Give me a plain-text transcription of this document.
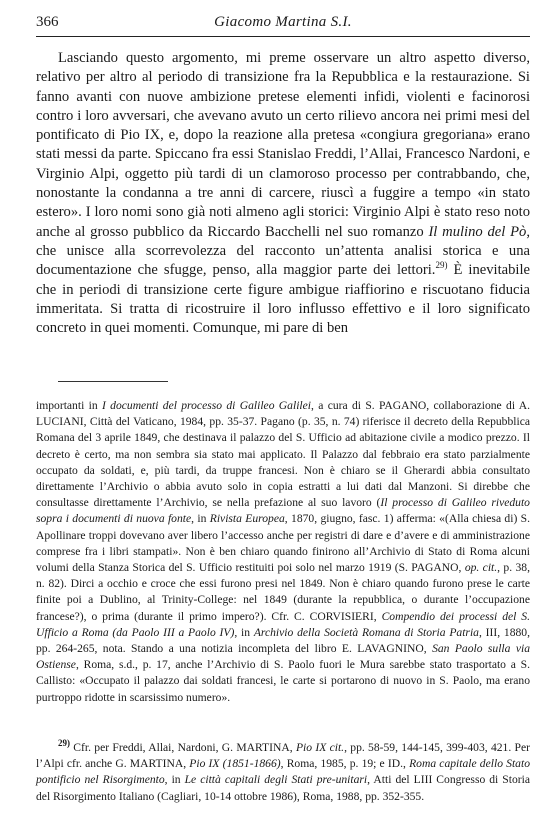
366	Giacomo Martina S.I.

Lasciando questo argomento, mi preme osservare un altro aspetto diverso, relativo per altro al periodo di transizione fra la Repubblica e la restaurazione. Si fanno avanti con nuove ambizione pretese elementi infidi, violenti e facinorosi contro i loro avversari, che avevano avuto un certo rilievo ancora nei primi mesi del pontificato di Pio IX, e, dopo la reazione alla pretesa «congiura gregoriana» erano stati messi da parte. Spiccano fra essi Stanislao Freddi, l’Allai, Francesco Nardoni, e Virginio Alpi, oggetto più tardi di un clamoroso processo per contrabbando, che, nonostante la condanna a tre anni di carcere, riuscì a fuggire a tempo «in stato estero». I loro nomi sono già noti almeno agli storici: Virginio Alpi è stato reso noto anche al grosso pubblico da Riccardo Bacchelli nel suo romanzo Il mulino del Pò, che unisce alla scorrevolezza del racconto un’attenta analisi storica e una documentazione che sfugge, penso, alla maggior parte dei lettori.$^{29)}$ È inevitabile che in periodi di transizione certe figure ambigue riaffiorino e riscuotano fiducia immeritata. Si tratta di ricostruire il loro influsso effettivo e il loro significato concreto in quei momenti. Comunque, mi pare di ben

importanti in I documenti del processo di Galileo Galilei, a cura di S. PAGANO, collaborazione di A. LUCIANI, Città del Vaticano, 1984, pp. 35-37. Pagano (p. 35, n. 74) riferisce il decreto della Repubblica Romana del 3 aprile 1849, che destinava il palazzo del S. Ufficio ad abitazione civile a modico prezzo. Il decreto è certo, ma non sembra sia stato mai applicato. Il Palazzo dal febbraio era stato parzialmente occupato da soldati, e, più tardi, da truppe francesi. Non è chiaro se il Gherardi abbia consultato direttamente l’Archivio o abbia avuto solo in copia estratti a lui dati dal Manzoni. Si direbbe che consultasse direttamente l’Archivio, se nella prefazione al suo lavoro (Il processo di Galileo riveduto sopra i documenti di nuova fonte, in Rivista Europea, 1870, giugno, fasc. 1) afferma: «(Alla chiesa di) S. Apollinare troppi dovevano aver libero l’accesso anche per registri di dare e d’avere e di amministrazione comprese fra i libri stampati». Non è ben chiaro quando finirono all’Archivio di Stato di Roma alcuni volumi della Stanza Storica del S. Ufficio restituiti poi solo nel marzo 1919 (S. PAGANO, op. cit., p. 38, n. 82). Dirci a occhio e croce che essi furono presi nel 1849. Non è chiaro quando furono prese le carte finite poi a Dublino, al Trinity-College: nel 1849 (durante la repubblica, o durante l’occupazione francese?), o prima (durante il primo impero?). Cfr. C. CORVISIERI, Compendio dei processi del S. Ufficio a Roma (da Paolo III a Paolo IV), in Archivio della Società Romana di Storia Patria, III, 1880, pp. 264-265, nota. Stando a una notizia incompleta del libro E. LAVAGNINO, San Paolo sulla via Ostiense, Roma, s.d., p. 17, anche l’Archivio di S. Paolo fuori le Mura sarebbe stato trasportato a S. Callisto: «Occupato il palazzo dai soldati francesi, le carte si portarono di nuovo in S. Paolo, ma erano purtroppo ridotte in scarsissimo numero».

$^{29)}$ Cfr. per Freddi, Allai, Nardoni, G. MARTINA, Pio IX cit., pp. 58-59, 144-145, 399-403, 421. Per l’Alpi cfr. anche G. MARTINA, Pio IX (1851-1866), Roma, 1985, p. 19; e ID., Roma capitale dello Stato pontificio nel Risorgimento, in Le città capitali degli Stati pre-unitari, Atti del LIII Congresso di Storia del Risorgimento Italiano (Cagliari, 10-14 ottobre 1986), Roma, 1988, pp. 352-355.
